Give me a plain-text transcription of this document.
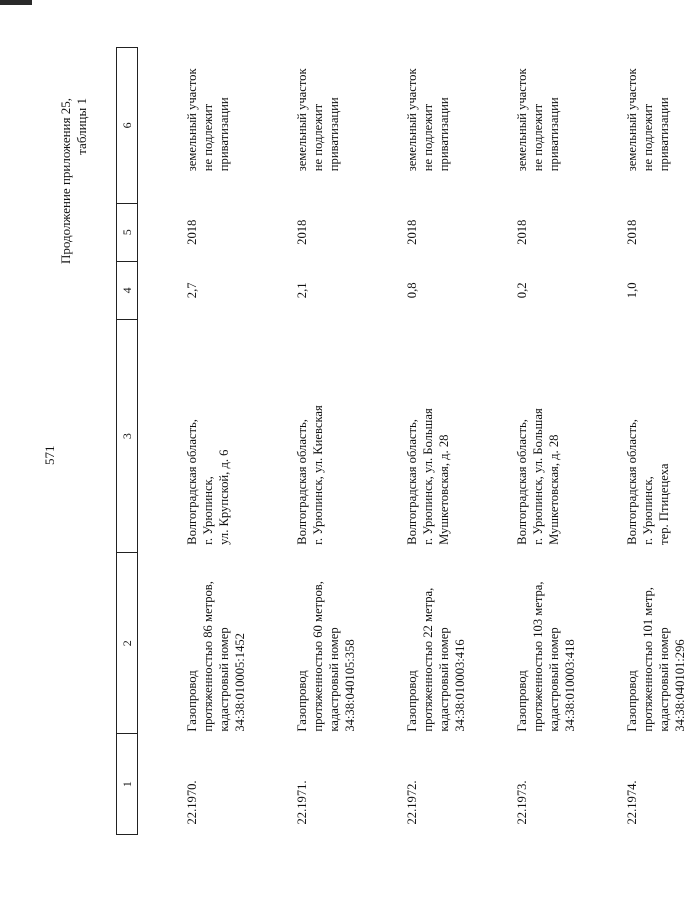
571
Продолжение приложения 25, таблицы 1
1	2	3	4	5	6

22.1970.	Газопровод
протяженностью 86 метров,
кадастровый номер
34:38:010005:1452	Волгоградская область,
г. Урюпинск,
ул. Крупской, д. 6	2,7	2018	земельный участок
не подлежит
приватизации

22.1971.	Газопровод
протяженностью 60 метров,
кадастровый номер
34:38:040105:358	Волгоградская область,
г. Урюпинск, ул. Киевская	2,1	2018	земельный участок
не подлежит
приватизации

22.1972.	Газопровод
протяженностью 22 метра,
кадастровый номер
34:38:010003:416	Волгоградская область,
г. Урюпинск, ул. Большая
Мушкетовская, д. 28	0,8	2018	земельный участок
не подлежит
приватизации

22.1973.	Газопровод
протяженностью 103 метра,
кадастровый номер
34:38:010003:418	Волгоградская область,
г. Урюпинск, ул. Большая
Мушкетовская, д. 28	0,2	2018	земельный участок
не подлежит
приватизации

22.1974.	Газопровод
протяженностью 101 метр,
кадастровый номер
34:38:040101:296	Волгоградская область,
г. Урюпинск,
тер. Птицецеха	1,0	2018	земельный участок
не подлежит
приватизации
